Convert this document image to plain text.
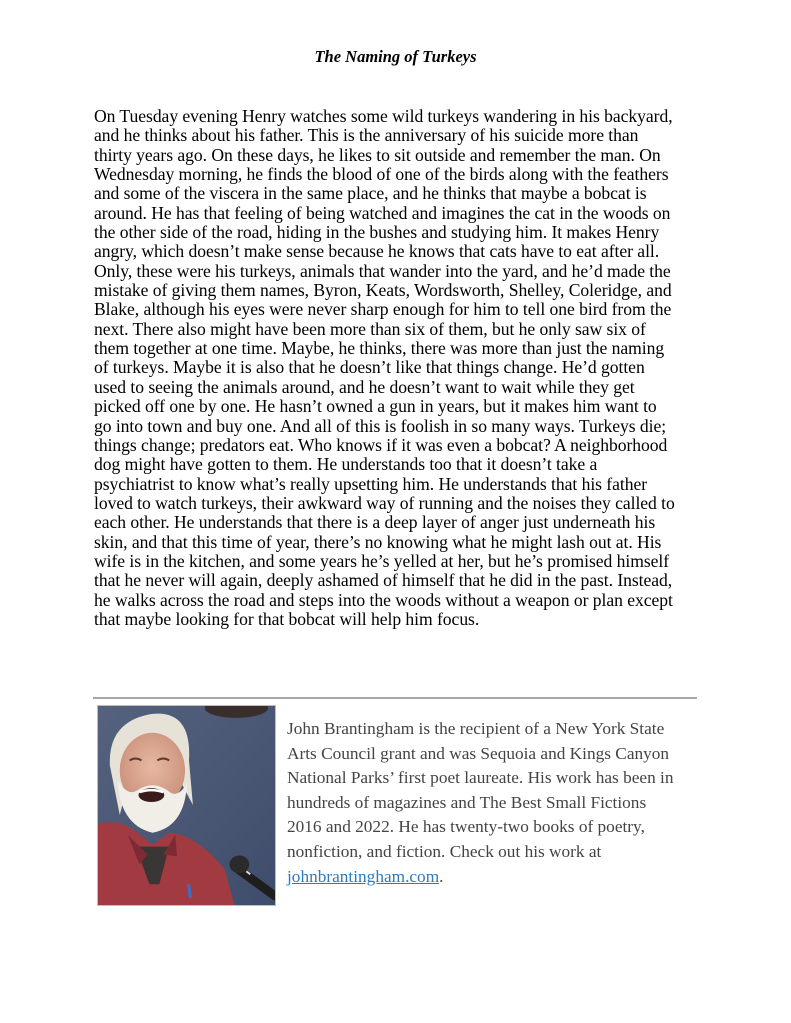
The Naming of Turkeys
On Tuesday evening Henry watches some wild turkeys wandering in his backyard,
and he thinks about his father. This is the anniversary of his suicide more than
thirty years ago. On these days, he likes to sit outside and remember the man. On
Wednesday morning, he finds the blood of one of the birds along with the feathers
and some of the viscera in the same place, and he thinks that maybe a bobcat is
around. He has that feeling of being watched and imagines the cat in the woods on
the other side of the road, hiding in the bushes and studying him. It makes Henry
angry, which doesn’t make sense because he knows that cats have to eat after all.
Only, these were his turkeys, animals that wander into the yard, and he’d made the
mistake of giving them names, Byron, Keats, Wordsworth, Shelley, Coleridge, and
Blake, although his eyes were never sharp enough for him to tell one bird from the
next. There also might have been more than six of them, but he only saw six of
them together at one time. Maybe, he thinks, there was more than just the naming
of turkeys. Maybe it is also that he doesn’t like that things change. He’d gotten
used to seeing the animals around, and he doesn’t want to wait while they get
picked off one by one. He hasn’t owned a gun in years, but it makes him want to
go into town and buy one. And all of this is foolish in so many ways. Turkeys die;
things change; predators eat. Who knows if it was even a bobcat? A neighborhood
dog might have gotten to them. He understands too that it doesn’t take a
psychiatrist to know what’s really upsetting him. He understands that his father
loved to watch turkeys, their awkward way of running and the noises they called to
each other. He understands that there is a deep layer of anger just underneath his
skin, and that this time of year, there’s no knowing what he might lash out at. His
wife is in the kitchen, and some years he’s yelled at her, but he’s promised himself
that he never will again, deeply ashamed of himself that he did in the past. Instead,
he walks across the road and steps into the woods without a weapon or plan except
that maybe looking for that bobcat will help him focus.
John Brantingham is the recipient of a New York State
Arts Council grant and was Sequoia and Kings Canyon
National Parks’ first poet laureate. His work has been in
hundreds of magazines and The Best Small Fictions
2016 and 2022. He has twenty-two books of poetry,
nonfiction, and fiction. Check out his work at
johnbrantingham.com.
